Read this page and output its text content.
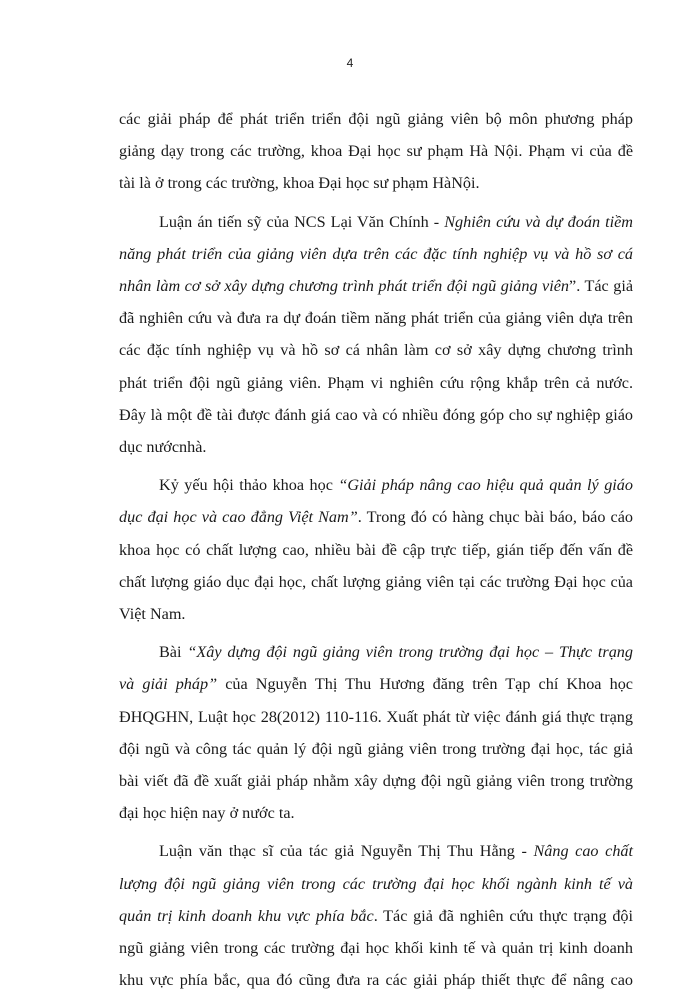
4

các giải pháp để phát triển triển đội ngũ giảng viên bộ môn phương pháp

giảng dạy trong các trường, khoa Đại học sư phạm Hà Nội. Phạm vi của đề

tài là ở trong các trường, khoa Đại học sư phạm HàNội.

Luận án tiến sỹ của NCS Lại Văn Chính - Nghiên cứu và dự đoán tiềm

năng phát triển của giảng viên dựa trên các đặc tính nghiệp vụ và hồ sơ cá

nhân làm cơ sở xây dựng chương trình phát triển đội ngũ giảng viên”. Tác giả

đã nghiên cứu và đưa ra dự đoán tiềm năng phát triển của giảng viên dựa trên

các đặc tính nghiệp vụ và hồ sơ cá nhân làm cơ sở xây dựng chương trình

phát triển đội ngũ giảng viên. Phạm vi nghiên cứu rộng khắp trên cả nước.

Đây là một đề tài được đánh giá cao và có nhiều đóng góp cho sự nghiệp giáo

dục nướcnhà.

Kỷ yếu hội thảo khoa học “Giải pháp nâng cao hiệu quả quản lý giáo

dục đại học và cao đẳng Việt Nam”. Trong đó có hàng chục bài báo, báo cáo

khoa học có chất lượng cao, nhiều bài đề cập trực tiếp, gián tiếp đến vấn đề

chất lượng giáo dục đại học, chất lượng giảng viên tại các trường Đại học của

Việt Nam.

Bài “Xây dựng đội ngũ giảng viên trong trường đại học – Thực trạng

và giải pháp” của Nguyễn Thị Thu Hương đăng trên Tạp chí Khoa học

ĐHQGHN, Luật học 28(2012) 110-116. Xuất phát từ việc đánh giá thực trạng

đội ngũ và công tác quản lý đội ngũ giảng viên trong trường đại học, tác giả

bài viết đã đề xuất giải pháp nhằm xây dựng đội ngũ giảng viên trong trường

đại học hiện nay ở nước ta.

Luận văn thạc sĩ của tác giả Nguyễn Thị Thu Hằng - Nâng cao chất

lượng đội ngũ giảng viên trong các trường đại học khối ngành kinh tế và

quản trị kinh doanh khu vực phía bắc. Tác giả đã nghiên cứu thực trạng đội

ngũ giảng viên trong các trường đại học khối kinh tế và quản trị kinh doanh

khu vực phía bắc, qua đó cũng đưa ra các giải pháp thiết thực để nâng cao
